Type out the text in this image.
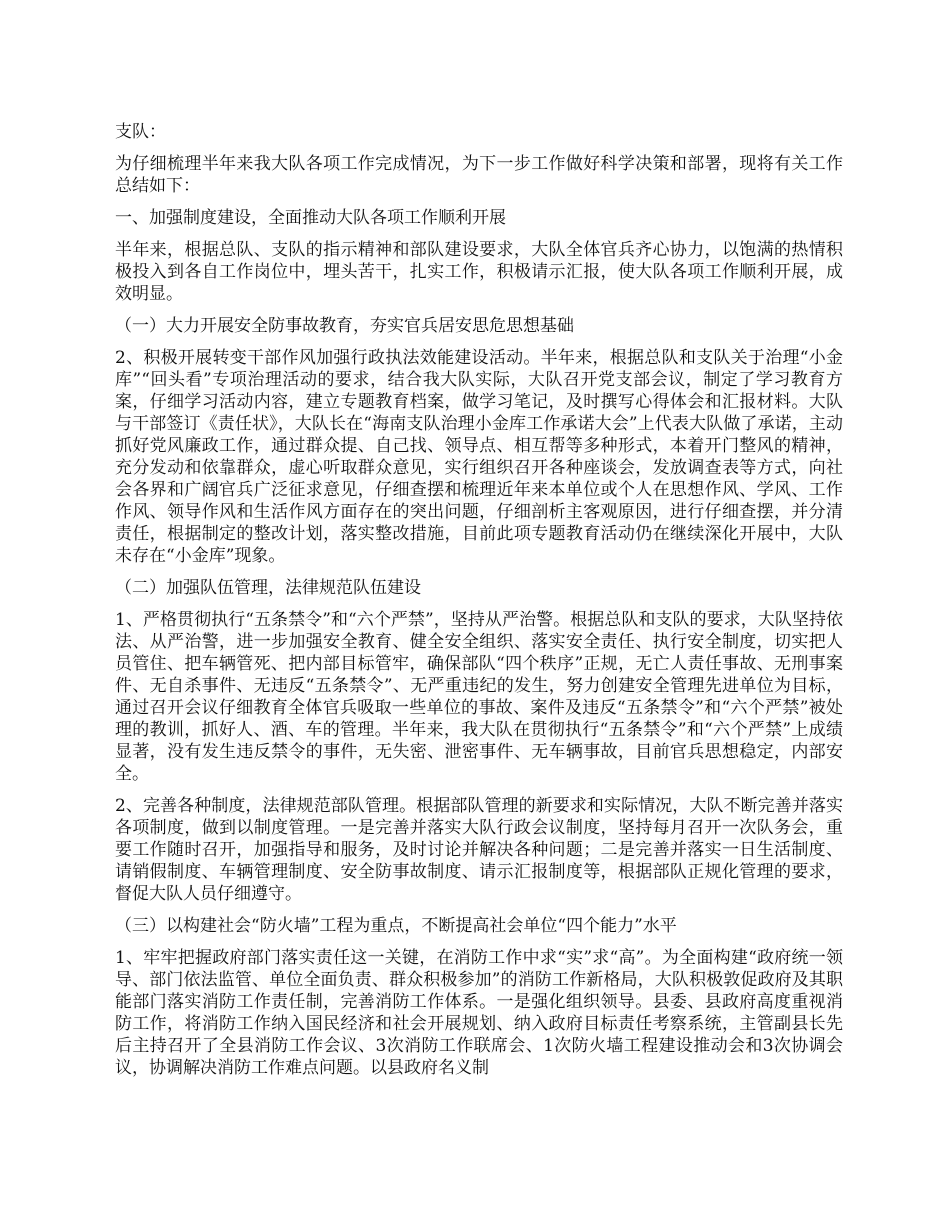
支队：

为仔细梳理半年来我大队各项工作完成情况，为下一步工作做好科学决策和部署，现将有关工作总结如下：

一、加强制度建设，全面推动大队各项工作顺利开展

半年来，根据总队、支队的指示精神和部队建设要求，大队全体官兵齐心协力，以饱满的热情积极投入到各自工作岗位中，埋头苦干，扎实工作，积极请示汇报，使大队各项工作顺利开展，成效明显。

（一）大力开展安全防事故教育，夯实官兵居安思危思想基础

2、积极开展转变干部作风加强行政执法效能建设活动。半年来，根据总队和支队关于治理“小金库”“回头看”专项治理活动的要求，结合我大队实际，大队召开党支部会议，制定了学习教育方案，仔细学习活动内容，建立专题教育档案，做学习笔记，及时撰写心得体会和汇报材料。大队与干部签订《责任状》，大队长在“海南支队治理小金库工作承诺大会”上代表大队做了承诺，主动抓好党风廉政工作，通过群众提、自己找、领导点、相互帮等多种形式，本着开门整风的精神，充分发动和依靠群众，虚心听取群众意见，实行组织召开各种座谈会，发放调查表等方式，向社会各界和广阔官兵广泛征求意见，仔细查摆和梳理近年来本单位或个人在思想作风、学风、工作作风、领导作风和生活作风方面存在的突出问题，仔细剖析主客观原因，进行仔细查摆，并分清责任，根据制定的整改计划，落实整改措施，目前此项专题教育活动仍在继续深化开展中，大队未存在“小金库”现象。

（二）加强队伍管理，法律规范队伍建设

1、严格贯彻执行“五条禁令”和“六个严禁”，坚持从严治警。根据总队和支队的要求，大队坚持依法、从严治警，进一步加强安全教育、健全安全组织、落实安全责任、执行安全制度，切实把人员管住、把车辆管死、把内部目标管牢，确保部队“四个秩序”正规，无亡人责任事故、无刑事案件、无自杀事件、无违反“五条禁令”、无严重违纪的发生，努力创建安全管理先进单位为目标，通过召开会议仔细教育全体官兵吸取一些单位的事故、案件及违反“五条禁令”和“六个严禁”被处理的教训，抓好人、酒、车的管理。半年来，我大队在贯彻执行“五条禁令”和“六个严禁”上成绩显著，没有发生违反禁令的事件，无失密、泄密事件、无车辆事故，目前官兵思想稳定，内部安全。

2、完善各种制度，法律规范部队管理。根据部队管理的新要求和实际情况，大队不断完善并落实各项制度，做到以制度管理。一是完善并落实大队行政会议制度，坚持每月召开一次队务会，重要工作随时召开，加强指导和服务，及时讨论并解决各种问题；二是完善并落实一日生活制度、请销假制度、车辆管理制度、安全防事故制度、请示汇报制度等，根据部队正规化管理的要求，督促大队人员仔细遵守。

（三）以构建社会“防火墙”工程为重点，不断提高社会单位“四个能力”水平

1、牢牢把握政府部门落实责任这一关键，在消防工作中求“实”求“高”。为全面构建“政府统一领导、部门依法监管、单位全面负责、群众积极参加”的消防工作新格局，大队积极敦促政府及其职能部门落实消防工作责任制，完善消防工作体系。一是强化组织领导。县委、县政府高度重视消防工作，将消防工作纳入国民经济和社会开展规划、纳入政府目标责任考察系统，主管副县长先后主持召开了全县消防工作会议、3次消防工作联席会、1次防火墙工程建设推动会和3次协调会议，协调解决消防工作难点问题。以县政府名义制
